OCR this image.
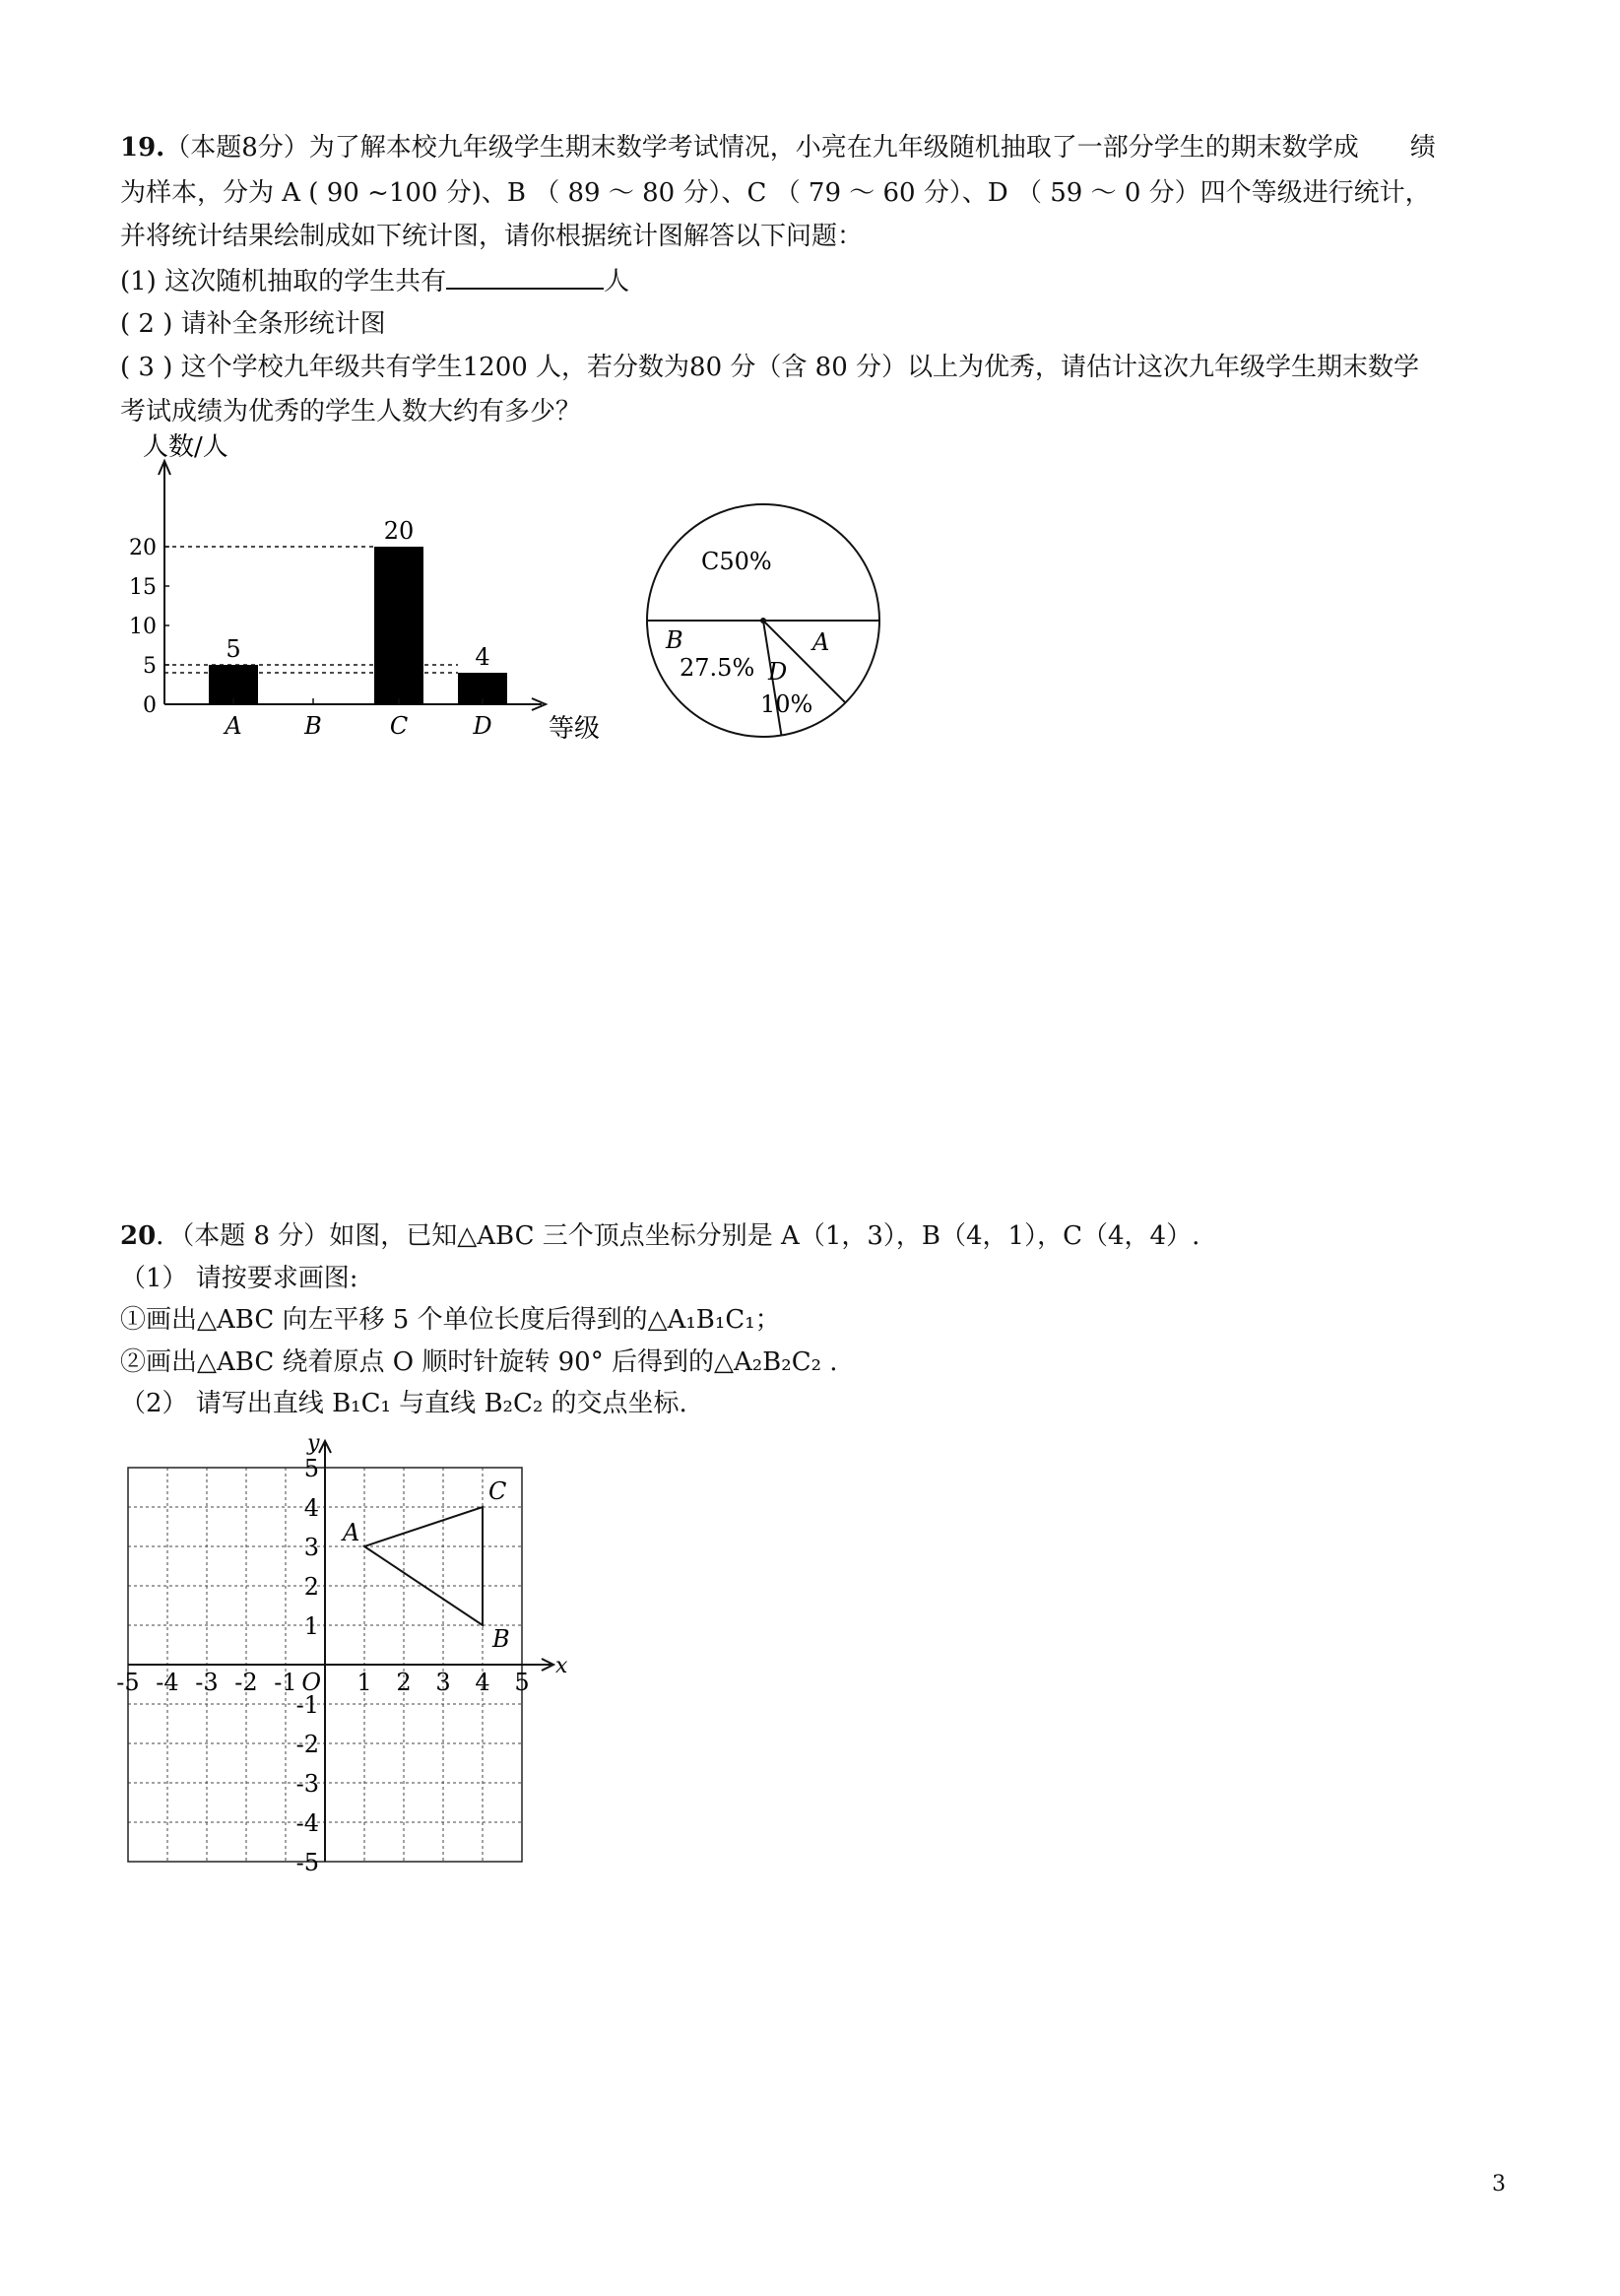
19.（本题8分）为了解本校九年级学生期末数学考试情况，小亮在九年级随机抽取了一部分学生的期末数学成　　绩
为样本，分为 A ( 90 ~100 分)、B （ 89 ～ 80 分）、C （ 79 ～ 60 分）、D （ 59 ～ 0 分）四个等级进行统计，
并将统计结果绘制成如下统计图，请你根据统计图解答以下问题：
(1) 这次随机抽取的学生共有	人
( 2 ) 请补全条形统计图
( 3 ) 这个学校九年级共有学生1200 人，若分数为80 分（含 80 分）以上为优秀，请估计这次九年级学生期末数学
考试成绩为优秀的学生人数大约有多少？
人数/人
等级
0
5
10
15
20
5
A	B
20
C
4
D
C50%
B
27.5% D
10%
A
20．（本题 8 分）如图，已知△ABC 三个顶点坐标分别是 A（1，3），B（4，1），C（4，4）.
（1） 请按要求画图:
①画出△ABC 向左平移 5 个单位长度后得到的△A₁B₁C₁；
②画出△ABC 绕着原点 O 顺时针旋转 90° 后得到的△A₂B₂C₂ .
（2） 请写出直线 B₁C₁ 与直线 B₂C₂ 的交点坐标.
x
y
O
-5 -4 -3 -2 -1	1 2 3 4 5
5
4
3
2
1
-1
-2
-3
-4
-5
A
B
C
3
